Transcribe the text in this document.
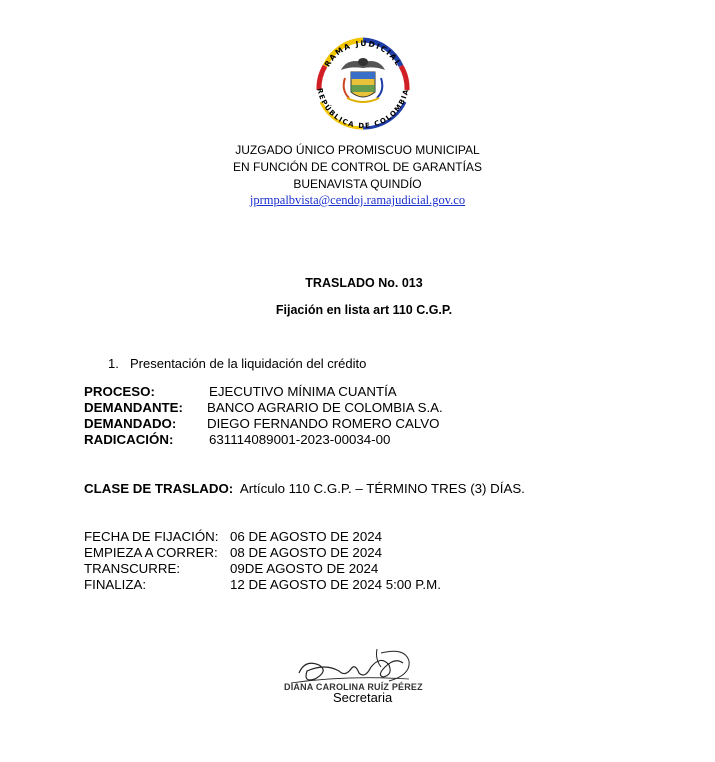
RAMA JUDICIAL
REPÚBLICA DE COLOMBIA
JUZGADO ÚNICO PROMISCUO MUNICIPAL
EN FUNCIÓN DE CONTROL DE GARANTÍAS
BUENAVISTA QUINDÍO
jprmpalbvista@cendoj.ramajudicial.gov.co
TRASLADO No. 013
Fijación en lista art 110 C.G.P.
1. Presentación de la liquidación del crédito
PROCESO:	EJECUTIVO MÍNIMA CUANTÍA
DEMANDANTE: BANCO AGRARIO DE COLOMBIA S.A.
DEMANDADO: DIEGO FERNANDO ROMERO CALVO
RADICACIÓN:	631114089001-2023-00034-00
CLASE DE TRASLADO: Artículo 110 C.G.P. – TÉRMINO TRES (3) DÍAS.
FECHA DE FIJACIÓN: 06 DE AGOSTO DE 2024
EMPIEZA A CORRER: 08 DE AGOSTO DE 2024
TRANSCURRE:	09DE AGOSTO DE 2024
FINALIZA:	12 DE AGOSTO DE 2024 5:00 P.M.
DIANA CAROLINA RUÍZ PÉREZ
Secretaria
